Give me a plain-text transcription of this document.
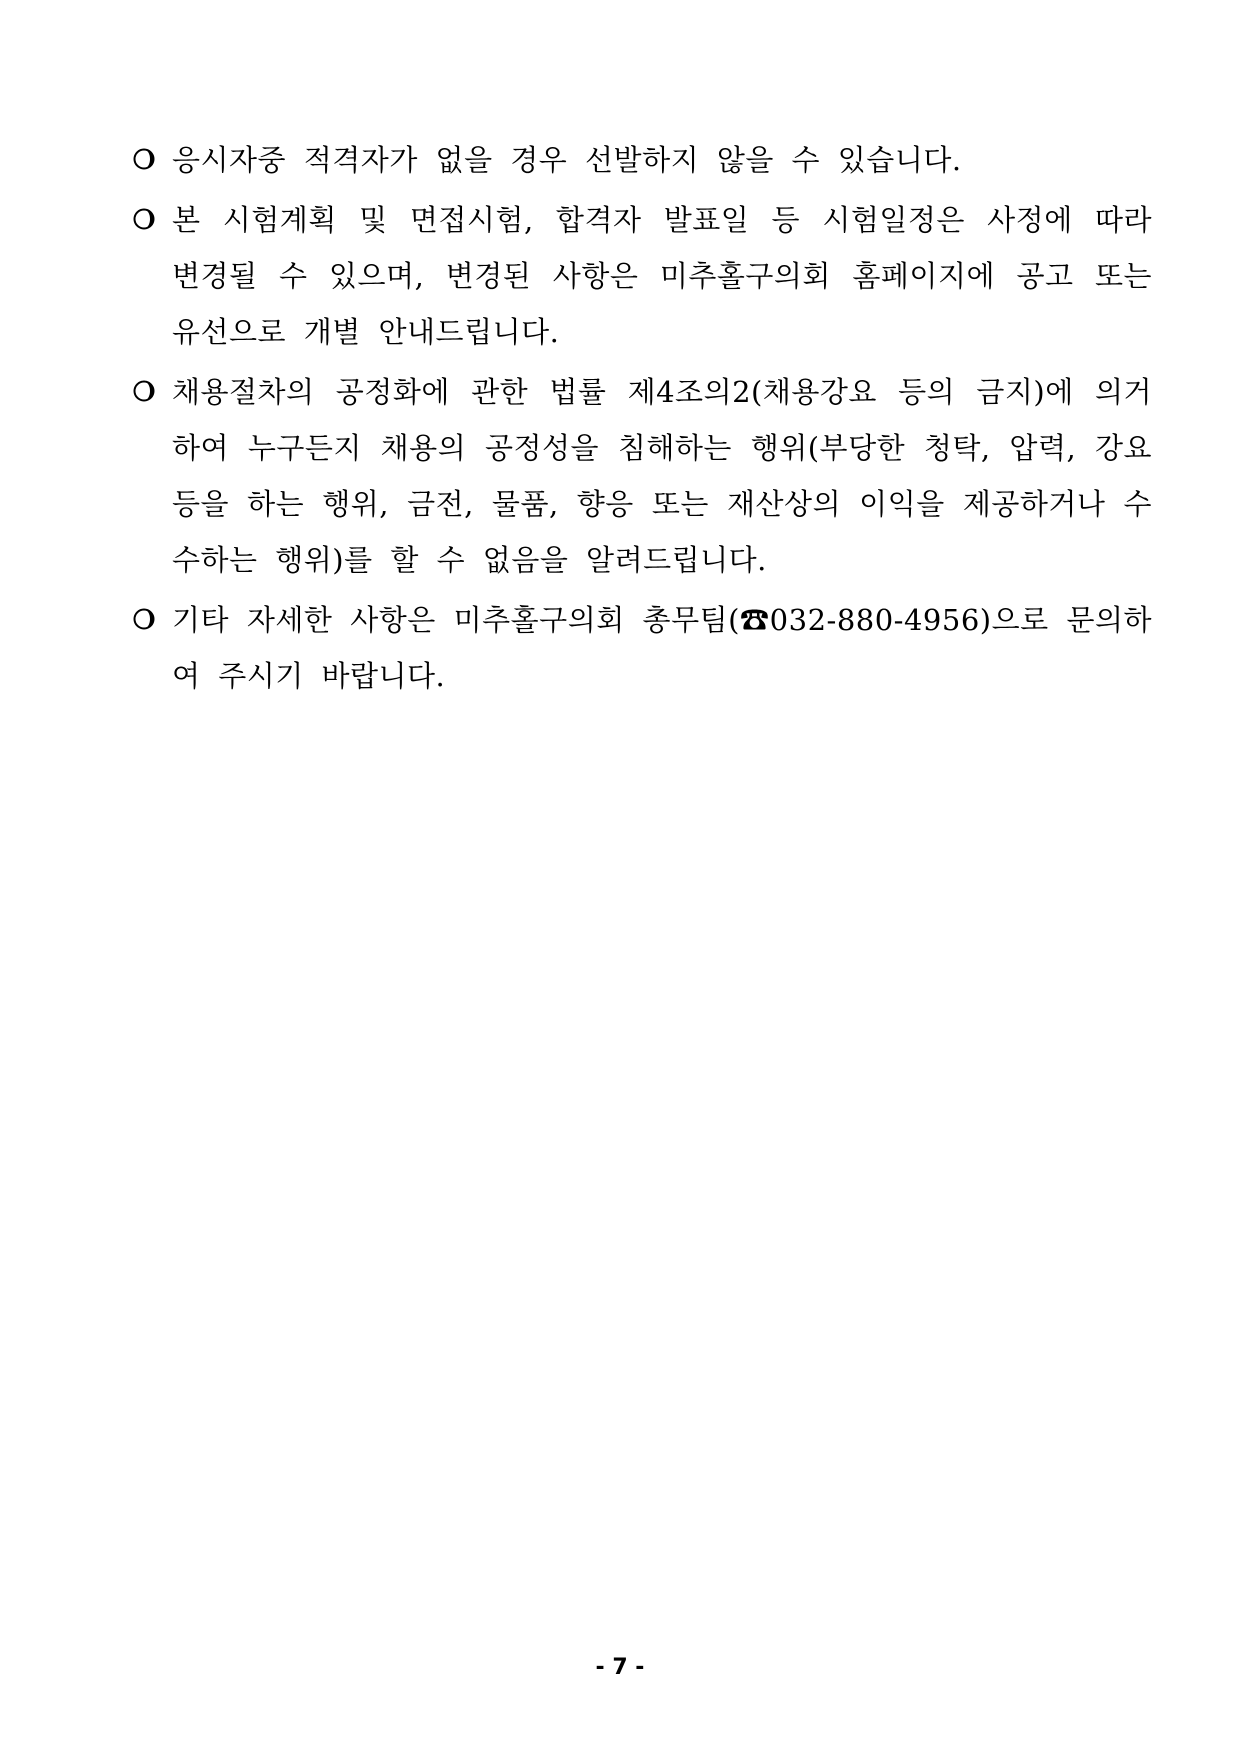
응시자중 적격자가 없을 경우 선발하지 않을 수 있습니다.

본 시험계획 및 면접시험, 합격자 발표일 등 시험일정은 사정에 따라 변경될 수 있으며, 변경된 사항은 미추홀구의회 홈페이지에 공고 또는 유선으로 개별 안내드립니다.

채용절차의 공정화에 관한 법률 제4조의2(채용강요 등의 금지)에 의거하여 누구든지 채용의 공정성을 침해하는 행위(부당한 청탁, 압력, 강요 등을 하는 행위, 금전, 물품, 향응 또는 재산상의 이익을 제공하거나 수수하는 행위)를 할 수 없음을 알려드립니다.

기타 자세한 사항은 미추홀구의회 총무팀(☎032-880-4956)으로 문의하여 주시기 바랍니다.

- 7 -
